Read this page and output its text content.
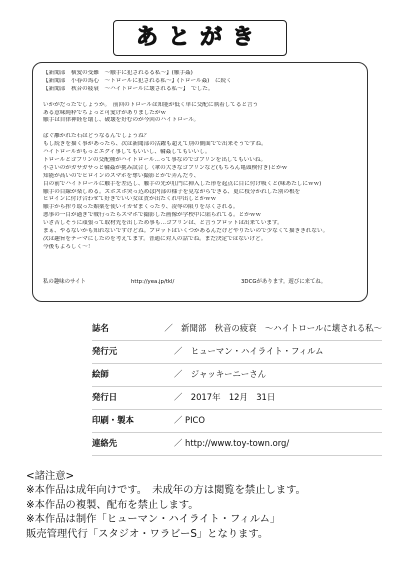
あとがき

【新聞部　横愛の受難　〜触手に犯されるる私〜】(触手姦)

【新聞部　小春の馬心　〜トロールに犯される私〜】(トロール姦)　に続く

【新聞部　秋音の疲衰　〜ハイトロールに壊される私〜】　でした。

いかがだったでしょうか。　前回のトロールは知能が低く単に交配に執着してると言う

ある意味純粋でちょっと可愛げがありましたがｗ

触手は自律神経を壊し、破壊を好むのが今回のハイトロール。

ぱぐ離かれた石はどうなるんでしょうね？

もし続きを描く事があったら、次は新聞部の活躍も超えて別の側面でで出来そうですね。

ハイトロールがもっとエグイ事してもいいし、輪姦してもいいし。

トロールとゴブリンの交配種がハイトロール…って事なのでゴブリンを出してもいいね。

小さいのがガサガサっと輪姦が挑み試合し（傘の大きなゴブリンなど(もちろん亀頭検付き)とかｗ

知能が高いのでヒロインのスマホを奪い撮影とかで弄んだり、

目の前でハイトロールに触手を差込し、触手の先が肛門に挿入した形を起点に目に付け吸くと(味あたしにｗｗ)

触手の目線が楽しめる。ズボズボ突っ込めば内部の様子を見ながらできる、更に枝分かれした別の根を

ヒロインに付け合わせて好きでいい女は責か出たくれ中出しとかｗｗ

触手から搾り取った媚薬を使いイカせまくったり、凌辱の限りを尽くされる。

悪事の一目が過ぎで戦行ったらスマホで撮影した画像が学校中に貼られてる。とかｗｗ

いざ苦しそうに頑張って取材先を出しため事も…ゴブリンは、と言うプロットは出来ています。

まぁ、やるないかも知れないですけどね。プロットはいくつかあるんだけどやりたいので少なくて描ききれない。

次は趣旨をテーマにしたのを考えてます。普通に対人の話でね。まだ決定ではないけど。

今後もよろしく〜！

私の趣味のサイト	http://yea.jp/tkl/	3DCGがあります。遊びに来てね。
誌名	／　新聞部　秋音の疲衰　〜ハイトロールに壊される私〜
発行元	／　ヒューマン・ハイライト・フィルム
絵師	／　ジャッキーニーさん
発行日	／　2017年　12月　31日
印刷・製本	／ PICO
連絡先	／ http://www.toy-town.org/
<諸注意>
※本作品は成年向けです。　未成年の方は閲覧を禁止します。
※本作品の複製、配布を禁止します。
※本作品は制作「ヒューマン・ハイライト・フィルム」
販売管理代行「スタジオ・ワラビーS」となります。
